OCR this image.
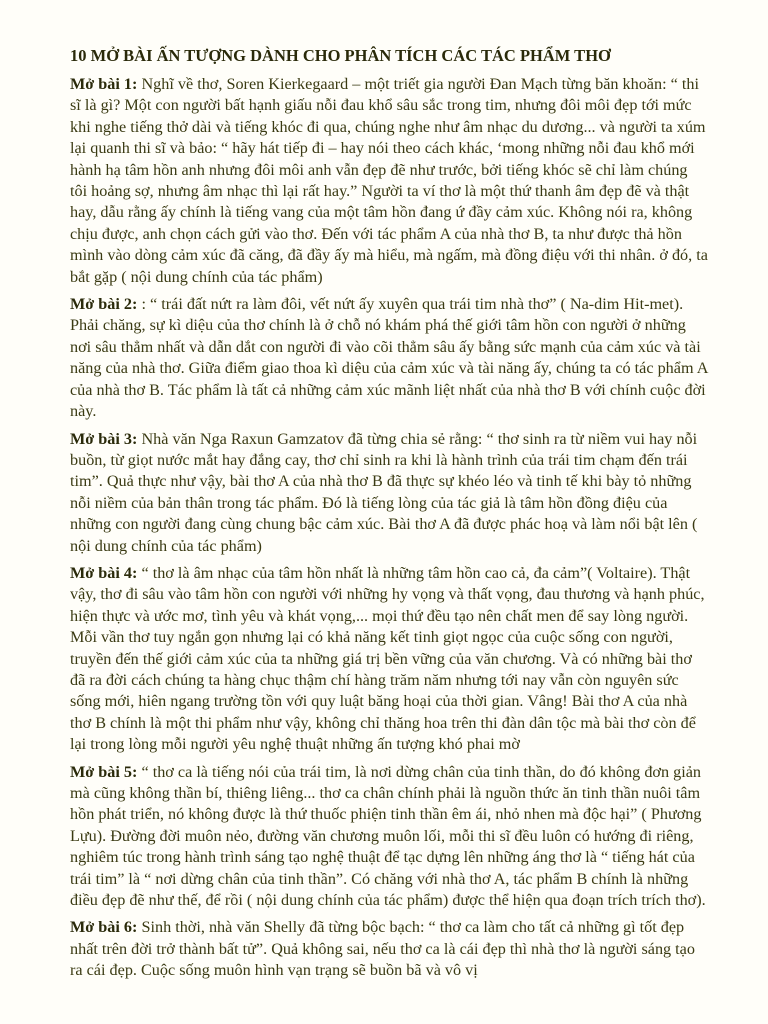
10 MỞ BÀI ẤN TƯỢNG DÀNH CHO PHÂN TÍCH CÁC TÁC PHẨM THƠ

Mở bài 1: Nghĩ về thơ, Soren Kierkegaard – một triết gia người Đan Mạch từng băn khoăn: “ thi sĩ là gì? Một con người bất hạnh giấu nỗi đau khổ sâu sắc trong tim, nhưng đôi môi đẹp tới mức khi nghe tiếng thở dài và tiếng khóc đi qua, chúng nghe như âm nhạc du dương... và người ta xúm lại quanh thi sĩ và bảo: “ hãy hát tiếp đi – hay nói theo cách khác, ‘mong những nỗi đau khổ mới hành hạ tâm hồn anh nhưng đôi môi anh vẫn đẹp đẽ như trước, bởi tiếng khóc sẽ chỉ làm chúng tôi hoảng sợ, nhưng âm nhạc thì lại rất hay.” Người ta ví thơ là một thứ thanh âm đẹp đẽ và thật hay, dẫu rằng ấy chính là tiếng vang của một tâm hồn đang ứ đầy cảm xúc. Không nói ra, không chịu được, anh chọn cách gửi vào thơ. Đến với tác phẩm A của nhà thơ B, ta như được thả hồn mình vào dòng cảm xúc đã căng, đã đầy ấy mà hiểu, mà ngấm, mà đồng điệu với thi nhân. ở đó, ta bắt gặp ( nội dung chính của tác phẩm)

Mở bài 2: : “ trái đất nứt ra làm đôi, vết nứt ấy xuyên qua trái tim nhà thơ” ( Na-dim Hit-met). Phải chăng, sự kì diệu của thơ chính là ở chỗ nó khám phá thế giới tâm hồn con người ở những nơi sâu thẳm nhất và dẫn dắt con người đi vào cõi thẳm sâu ấy bằng sức mạnh của cảm xúc và tài năng của nhà thơ. Giữa điểm giao thoa kì diệu của cảm xúc và tài năng ấy, chúng ta có tác phẩm A của nhà thơ B. Tác phẩm là tất cả những cảm xúc mãnh liệt nhất của nhà thơ B với chính cuộc đời này.

Mở bài 3: Nhà văn Nga Raxun Gamzatov đã từng chia sẻ rằng: “ thơ sinh ra từ niềm vui hay nỗi buồn, từ giọt nước mắt hay đắng cay, thơ chỉ sinh ra khi là hành trình của trái tim chạm đến trái tim”. Quả thực như vậy, bài thơ A của nhà thơ B đã thực sự khéo léo và tinh tế khi bày tỏ những nỗi niềm của bản thân trong tác phẩm. Đó là tiếng lòng của tác giả là tâm hồn đồng điệu của những con người đang cùng chung bậc cảm xúc. Bài thơ A đã được phác hoạ và làm nổi bật lên ( nội dung chính của tác phẩm)

Mở bài 4: “ thơ là âm nhạc của tâm hồn nhất là những tâm hồn cao cả, đa cảm”( Voltaire). Thật vậy, thơ đi sâu vào tâm hồn con người với những hy vọng và thất vọng, đau thương và hạnh phúc, hiện thực và ước mơ, tình yêu và khát vọng,... mọi thứ đều tạo nên chất men để say lòng người. Mỗi vần thơ tuy ngắn gọn nhưng lại có khả năng kết tinh giọt ngọc của cuộc sống con người, truyền đến thế giới cảm xúc của ta những giá trị bền vững của văn chương. Và có những bài thơ đã ra đời cách chúng ta hàng chục thậm chí hàng trăm năm nhưng tới nay vẫn còn nguyên sức sống mới, hiên ngang trường tồn với quy luật băng hoại của thời gian. Vâng! Bài thơ A của nhà thơ B chính là một thi phẩm như vậy, không chỉ thăng hoa trên thi đàn dân tộc mà bài thơ còn để lại trong lòng mỗi người yêu nghệ thuật những ấn tượng khó phai mờ

Mở bài 5: “ thơ ca là tiếng nói của trái tim, là nơi dừng chân của tinh thần, do đó không đơn giản mà cũng không thần bí, thiêng liêng... thơ ca chân chính phải là nguồn thức ăn tinh thần nuôi tâm hồn phát triển, nó không được là thứ thuốc phiện tinh thần êm ái, nhỏ nhen mà độc hại” ( Phương Lựu). Đường đời muôn nẻo, đường văn chương muôn lối, mỗi thi sĩ đều luôn có hướng đi riêng, nghiêm túc trong hành trình sáng tạo nghệ thuật để tạc dựng lên những áng thơ là “ tiếng hát của trái tim” là “ nơi dừng chân của tinh thần”. Có chăng với nhà thơ A, tác phẩm B chính là những điều đẹp đẽ như thế, để rồi ( nội dung chính của tác phẩm) được thể hiện qua đoạn trích trích thơ).

Mở bài 6: Sinh thời, nhà văn Shelly đã từng bộc bạch: “ thơ ca làm cho tất cả những gì tốt đẹp nhất trên đời trở thành bất tử”. Quả không sai, nếu thơ ca là cái đẹp thì nhà thơ là người sáng tạo ra cái đẹp. Cuộc sống muôn hình vạn trạng sẽ buồn bã và vô vị
